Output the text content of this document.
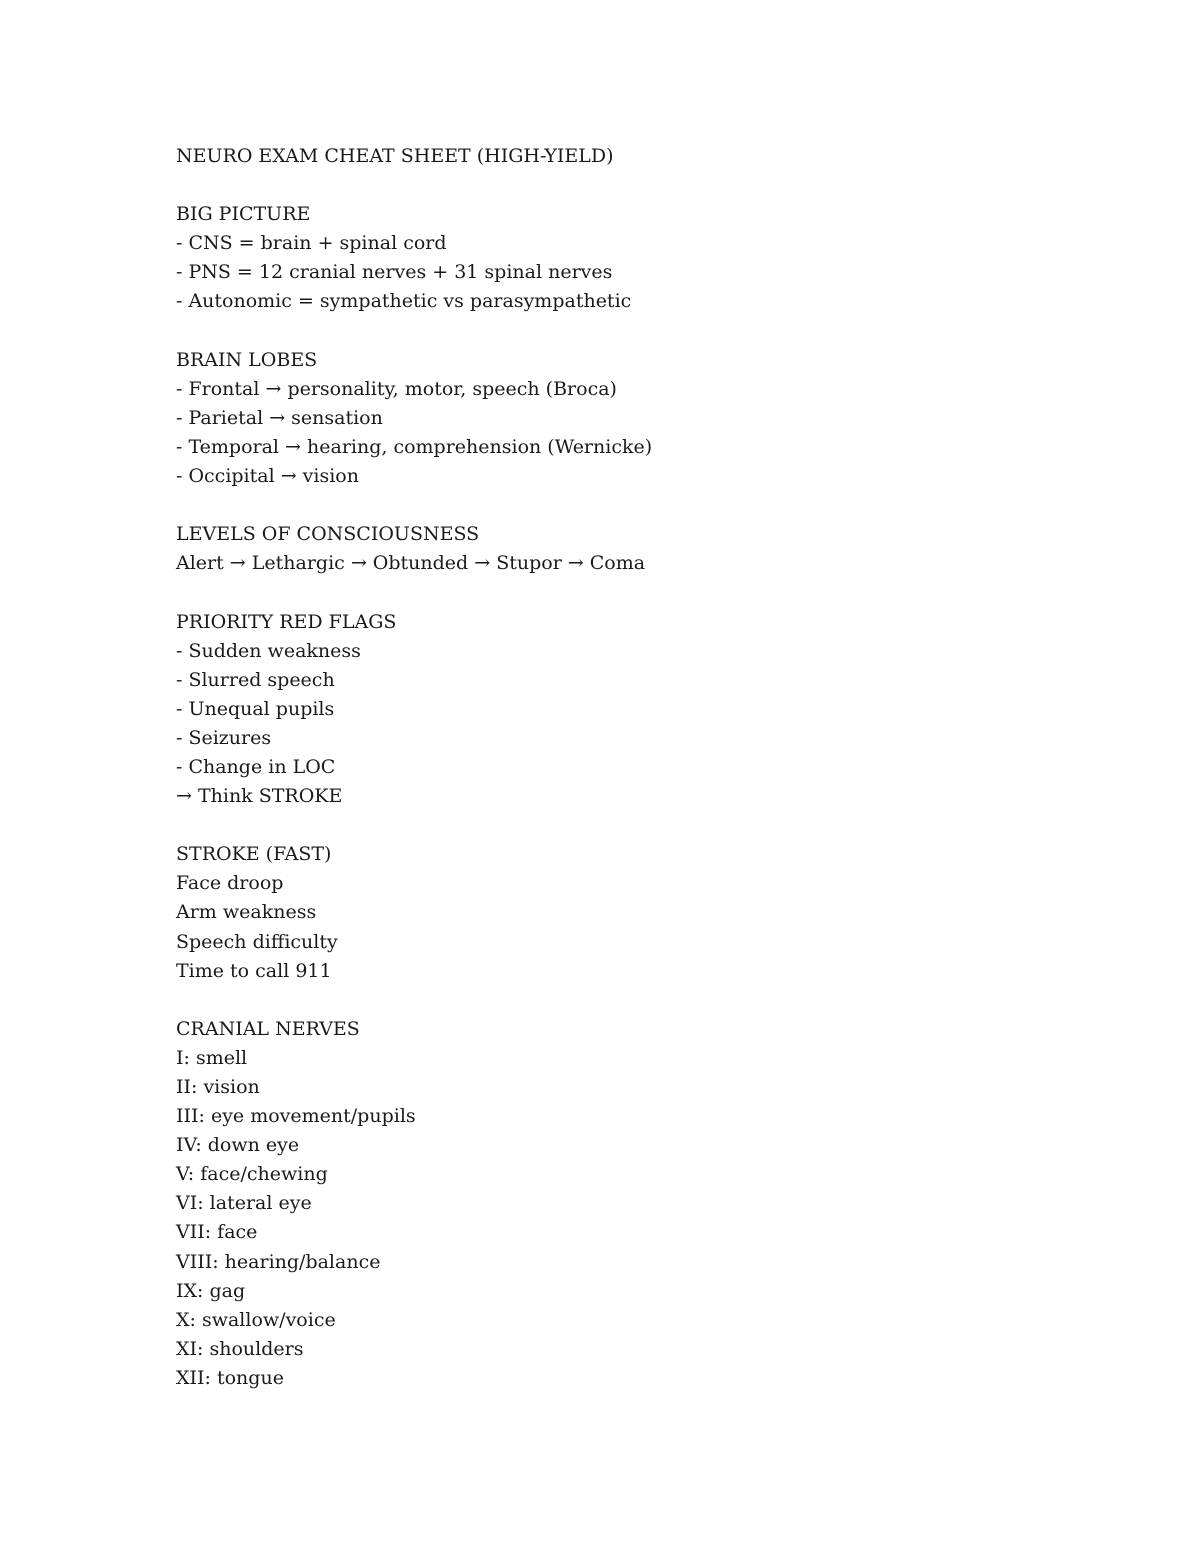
NEURO EXAM CHEAT SHEET (HIGH-YIELD)
BIG PICTURE
- CNS = brain + spinal cord
- PNS = 12 cranial nerves + 31 spinal nerves
- Autonomic = sympathetic vs parasympathetic
BRAIN LOBES
- Frontal → personality, motor, speech (Broca)
- Parietal → sensation
- Temporal → hearing, comprehension (Wernicke)
- Occipital → vision
LEVELS OF CONSCIOUSNESS
Alert → Lethargic → Obtunded → Stupor → Coma
PRIORITY RED FLAGS
- Sudden weakness
- Slurred speech
- Unequal pupils
- Seizures
- Change in LOC
→ Think STROKE
STROKE (FAST)
Face droop
Arm weakness
Speech difficulty
Time to call 911
CRANIAL NERVES
I: smell
II: vision
III: eye movement/pupils
IV: down eye
V: face/chewing
VI: lateral eye
VII: face
VIII: hearing/balance
IX: gag
X: swallow/voice
XI: shoulders
XII: tongue
